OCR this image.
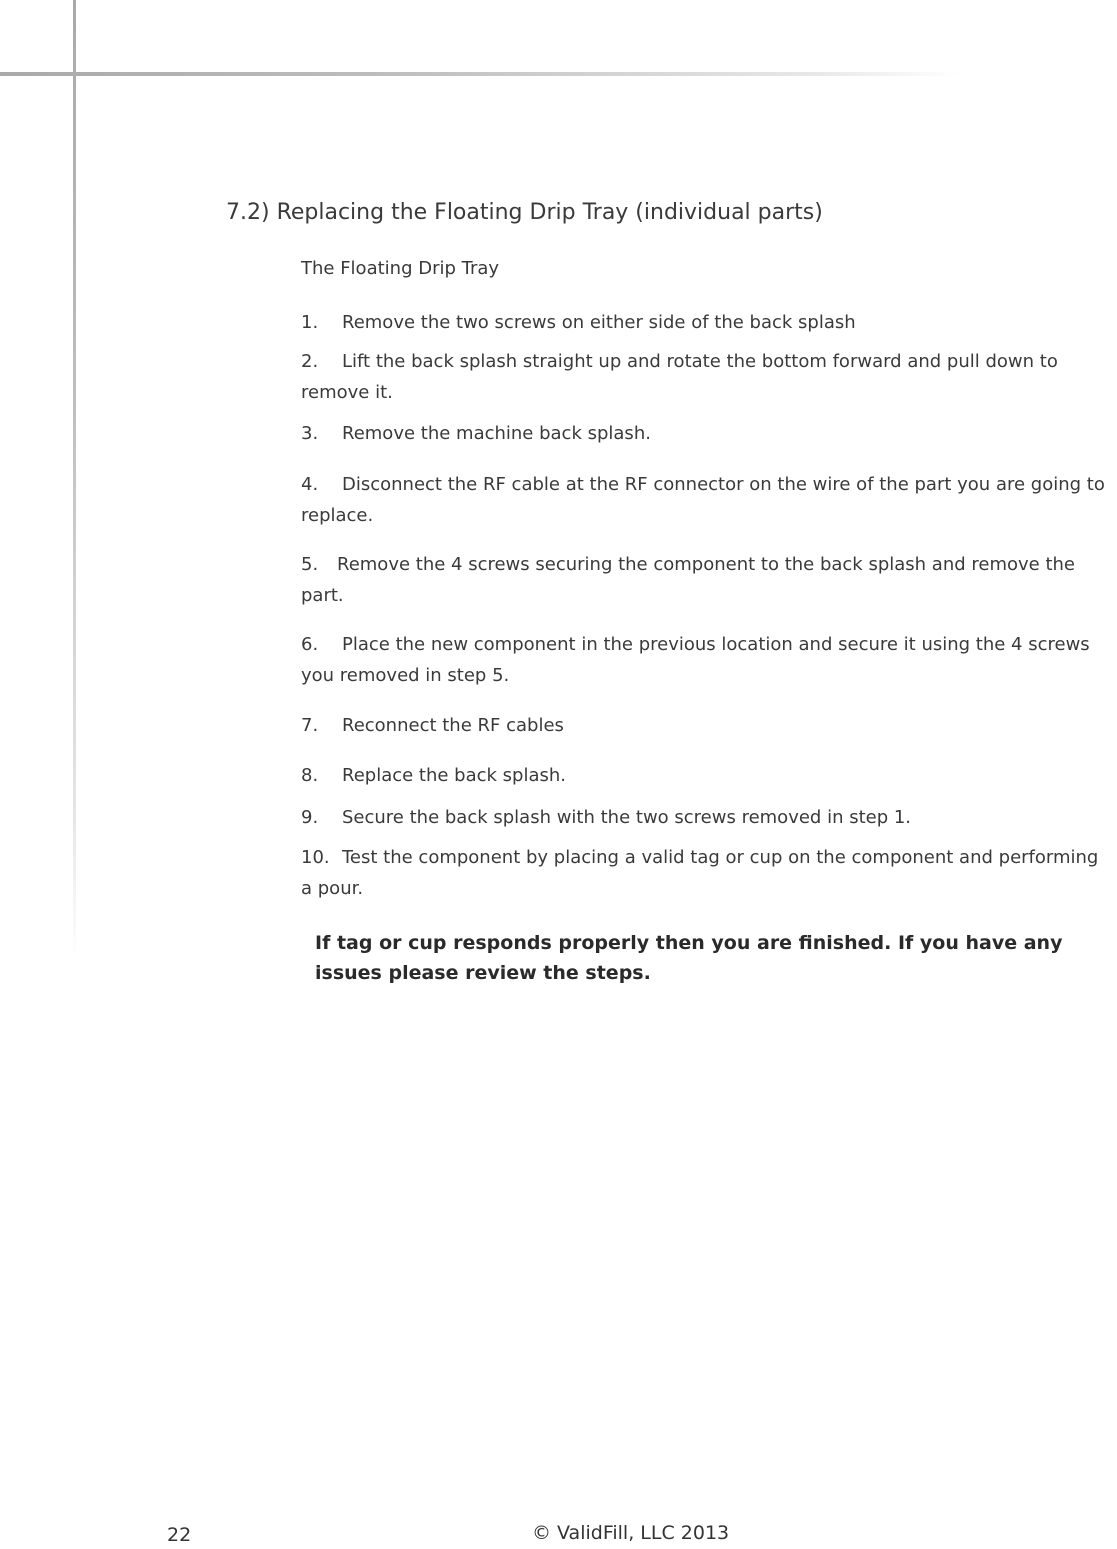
7.2) Replacing the Floating Drip Tray (individual parts)
The Floating Drip Tray
1. Remove the two screws on either side of the back splash
2. Lift the back splash straight up and rotate the bottom forward and pull down to remove it.
3. Remove the machine back splash.
4. Disconnect the RF cable at the RF connector on the wire of the part you are going to replace.
5. Remove the 4 screws securing the component to the back splash and remove the part.
6. Place the new component in the previous location and secure it using the 4 screws you removed in step 5.
7. Reconnect the RF cables
8. Replace the back splash.
9. Secure the back splash with the two screws removed in step 1.
10. Test the component by placing a valid tag or cup on the component and performing a pour.
If tag or cup responds properly then you are finished. If you have any issues please review the steps.
22	© ValidFill, LLC 2013
